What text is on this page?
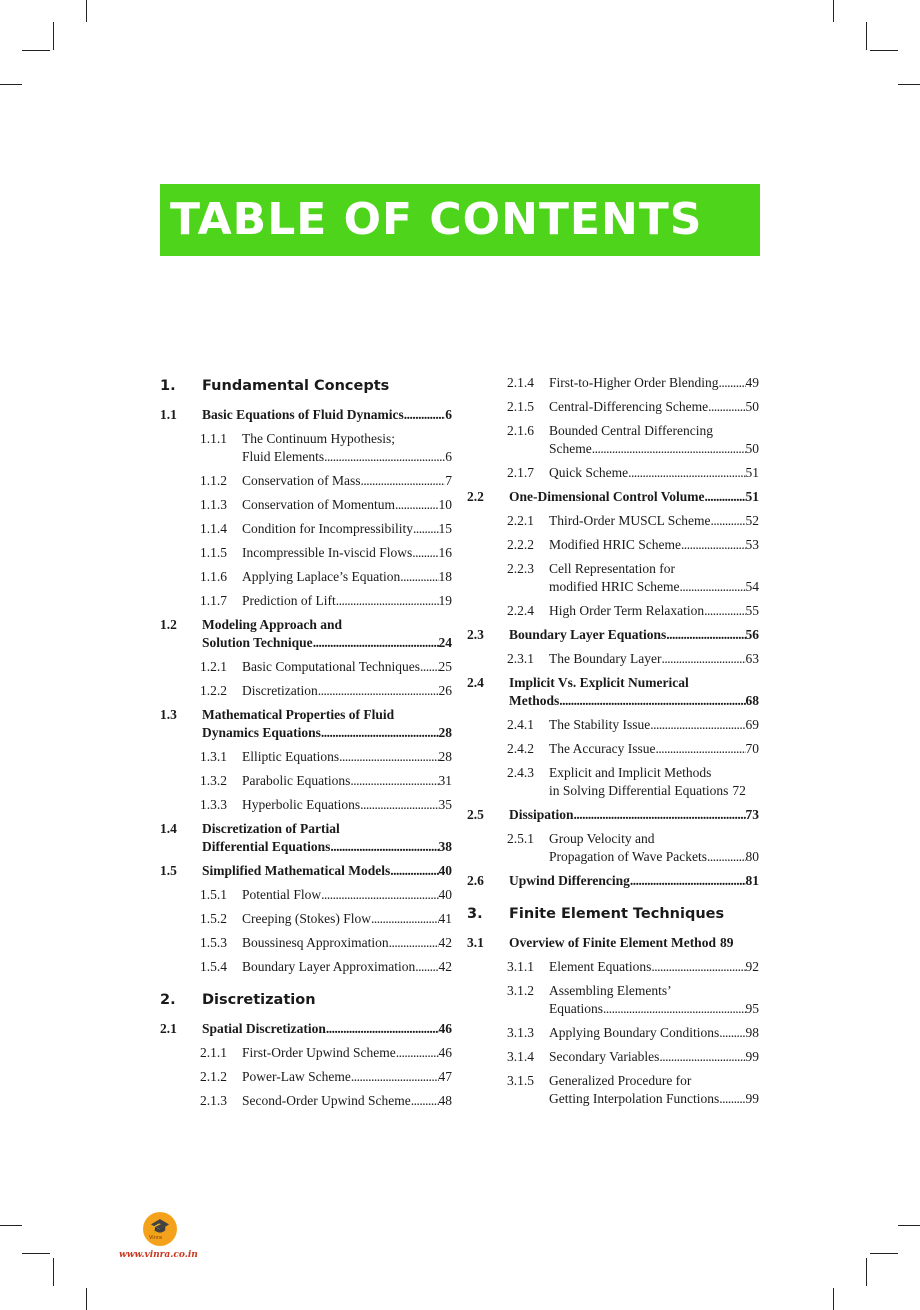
TABLE OF CONTENTS
1.	Fundamental Concepts
1.1	Basic Equations of Fluid Dynamics .....	6
1.1.1	The Continuum Hypothesis;
Fluid Elements .....	6
1.1.2	Conservation of Mass .....	7
1.1.3	Conservation of Momentum .....	10
1.1.4	Condition for Incompressibility ..... 15
1.1.5	Incompressible In-viscid Flows ..... 16
1.1.6	Applying Laplace’s Equation .....	18
1.1.7	Prediction of Lift .....	19
1.2	Modeling Approach and
Solution Technique .....	24
1.2.1	Basic Computational Techniques ..... 25
1.2.2	Discretization .....	26
1.3	Mathematical Properties of Fluid
Dynamics Equations .....	28
1.3.1	Elliptic Equations .....	28
1.3.2	Parabolic Equations .....	31
1.3.3	Hyperbolic Equations .....	35
1.4	Discretization of Partial
Differential Equations .....	38
1.5	Simplified Mathematical Models .....	40
1.5.1	Potential Flow .....	40
1.5.2	Creeping (Stokes) Flow .....	41
1.5.3	Boussinesq Approximation .....	42
1.5.4	Boundary Layer Approximation ..... 42
2.	Discretization
2.1	Spatial Discretization .....	46
2.1.1	First-Order Upwind Scheme .....	46
2.1.2	Power-Law Scheme .....	47
2.1.3	Second-Order Upwind Scheme ..... 48
2.1.4	First-to-Higher Order Blending ..... 49
2.1.5	Central-Differencing Scheme .....	50
2.1.6	Bounded Central Differencing
Scheme .....	50
2.1.7	Quick Scheme .....	51
2.2	One-Dimensional Control Volume .....	51
2.2.1	Third-Order MUSCL Scheme .....	52
2.2.2	Modified HRIC Scheme .....	53
2.2.3	Cell Representation for
modified HRIC Scheme .....	54
2.2.4	High Order Term Relaxation .....	55
2.3	Boundary Layer Equations .....	56
2.3.1	The Boundary Layer .....	63
2.4	Implicit Vs. Explicit Numerical
Methods .....	68
2.4.1	The Stability Issue .....	69
2.4.2	The Accuracy Issue .....	70
2.4.3	Explicit and Implicit Methods
in Solving Differential Equations 72
2.5	Dissipation .....	73
2.5.1	Group Velocity and
Propagation of Wave Packets .....	80
2.6	Upwind Differencing .....	81
3.	Finite Element Techniques
3.1	Overview of Finite Element Method 89
3.1.1	Element Equations .....	92
3.1.2	Assembling Elements’
Equations .....	95
3.1.3	Applying Boundary Conditions ..... 98
3.1.4	Secondary Variables .....	99
3.1.5	Generalized Procedure for
Getting Interpolation Functions ..... 99
🎓
Vinra
www.vinra.co.in
